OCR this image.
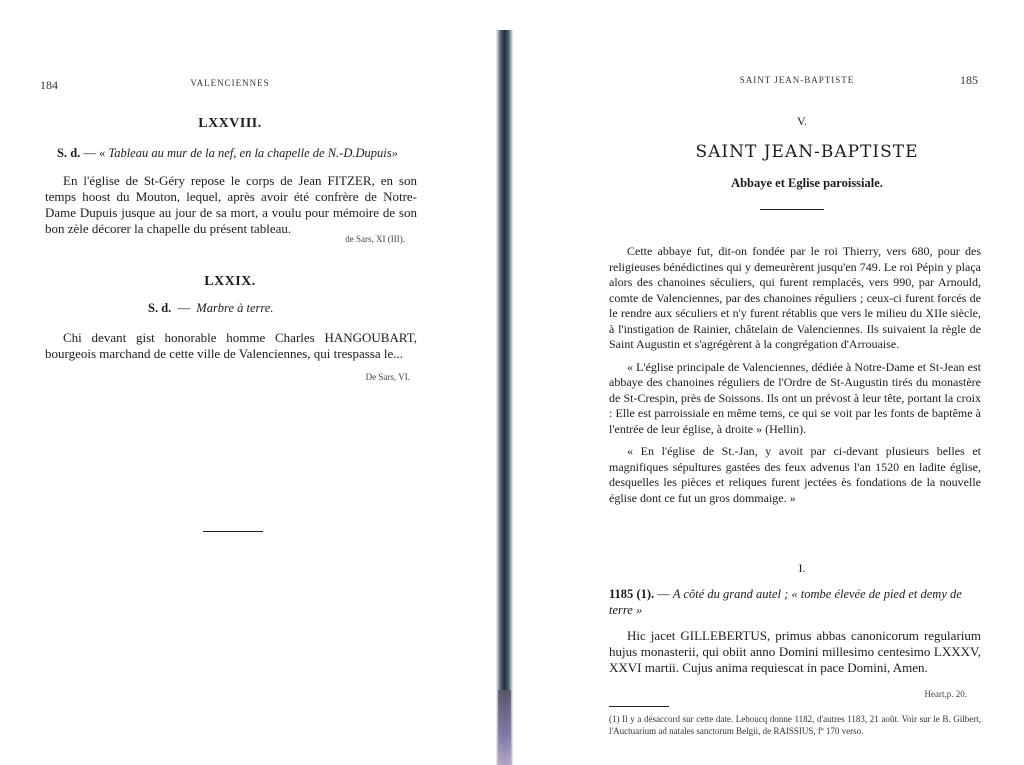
184	VALENCIENNES
LXXVIII.
S. d. — « Tableau au mur de la nef, en la chapelle de N.-D.Dupuis»

En l'église de St-Géry repose le corps de Jean FITZER, en son temps hoost du Mouton, lequel, après avoir été confrère de Notre-Dame Dupuis jusque au jour de sa mort, a voulu pour mémoire de son bon zèle décorer la chapelle du présent tableau.

de Sars, XI (III).
LXXIX.
S. d. — Marbre à terre.

Chi devant gist honorable homme Charles HANGOUBART, bourgeois marchand de cette ville de Valenciennes, qui trespassa le...

De Sars, VI.
SAINT JEAN-BAPTISTE	185
V.
SAINT JEAN-BAPTISTE
Abbaye et Eglise paroissiale.

Cette abbaye fut, dit-on fondée par le roi Thierry, vers 680, pour des religieuses bénédictines qui y demeurèrent jusqu'en 749. Le roi Pépin y plaça alors des chanoines séculiers, qui furent remplacés, vers 990, par Arnould, comte de Valenciennes, par des chanoines réguliers ; ceux-ci furent forcés de le rendre aux séculiers et n'y furent rétablis que vers le milieu du XIIe siècle, à l'instigation de Rainier, châtelain de Valenciennes. Ils suivaient la règle de Saint Augustin et s'agrégèrent à la congrégation d'Arrouaise.

« L'église principale de Valenciennes, dédiée à Notre-Dame et St-Jean est abbaye des chanoines réguliers de l'Ordre de St-Augustin tirés du monastère de St-Crespin, près de Soissons. Ils ont un prévost à leur tête, portant la croix : Elle est parroissiale en même tems, ce qui se voit par les fonts de baptême à l'entrée de leur église, à droite » (Hellin).

« En l'église de St.-Jan, y avoit par ci-devant plusieurs belles et magnifiques sépultures gastées des feux advenus l'an 1520 en ladite église, desquelles les pièces et reliques furent jectées ès fondations de la nouvelle église dont ce fut un gros dommaige. »

I.
1185 (1). — A côté du grand autel ; « tombe élevée de pied et demy de terre »

Hic jacet GILLEBERTUS, primus abbas canonicorum regularium hujus monasterii, qui obiit anno Domini millesimo centesimo LXXXV, XXVI martii. Cujus anima requiescat in pace Domini, Amen.

Heart,p. 20.

(1) Il y a désaccord sur cette date. Leboucq donne 1182, d'autres 1183, 21 août. Voir sur le B. Gilbert, l'Auctuarium ad natales sanctorum Belgii, de RAISSIUS, fº 170 verso.
